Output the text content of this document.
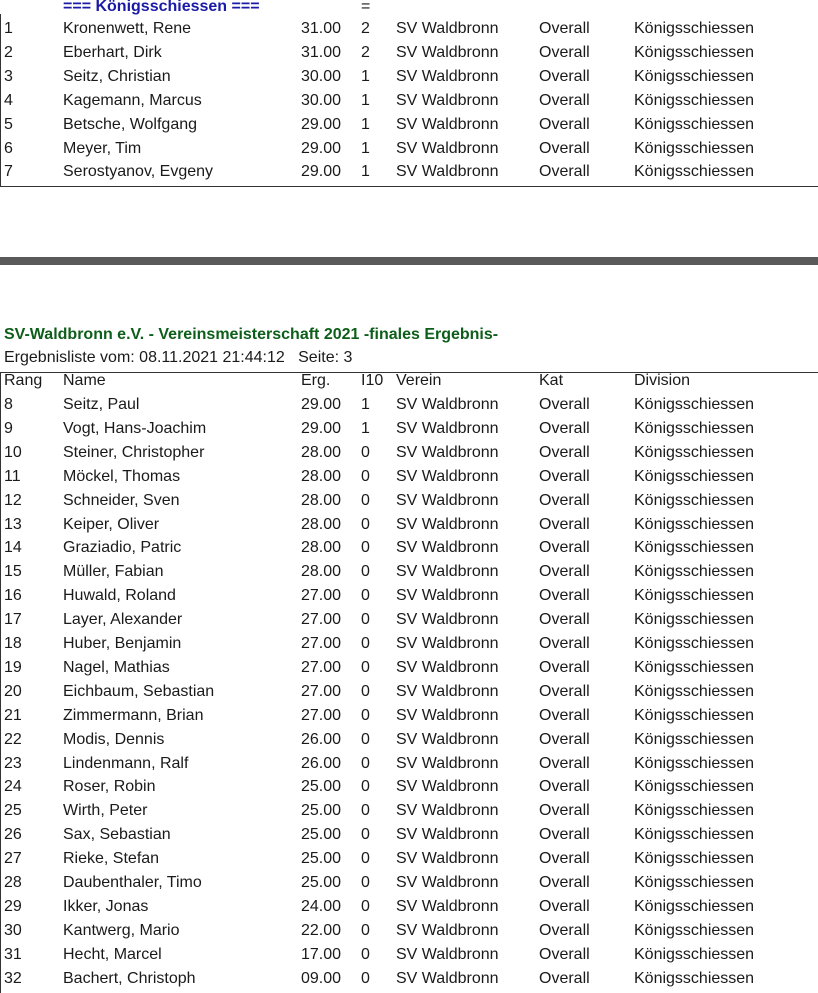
=== Königsschiessen ===	=
1	Kronenwett, Rene	31.00 2 SV Waldbronn	Overall	Königsschiessen
2	Eberhart, Dirk	31.00 2 SV Waldbronn	Overall	Königsschiessen
3	Seitz, Christian	30.00 1 SV Waldbronn	Overall	Königsschiessen
4	Kagemann, Marcus	30.00 1 SV Waldbronn	Overall	Königsschiessen
5	Betsche, Wolfgang	29.00 1 SV Waldbronn	Overall	Königsschiessen
6	Meyer, Tim	29.00 1 SV Waldbronn	Overall	Königsschiessen
7	Serostyanov, Evgeny	29.00 1 SV Waldbronn	Overall	Königsschiessen
SV-Waldbronn e.V. - Vereinsmeisterschaft 2021 -finales Ergebnis-
Ergebnisliste vom: 08.11.2021 21:44:12 Seite: 3
Rang Name	Erg. I10 Verein	Kat	Division
8	Seitz, Paul	29.00 1 SV Waldbronn	Overall	Königsschiessen
9	Vogt, Hans-Joachim	29.00 1 SV Waldbronn	Overall	Königsschiessen
10	Steiner, Christopher	28.00 0 SV Waldbronn	Overall	Königsschiessen
11	Möckel, Thomas	28.00 0 SV Waldbronn	Overall	Königsschiessen
12	Schneider, Sven	28.00 0 SV Waldbronn	Overall	Königsschiessen
13	Keiper, Oliver	28.00 0 SV Waldbronn	Overall	Königsschiessen
14	Graziadio, Patric	28.00 0 SV Waldbronn	Overall	Königsschiessen
15	Müller, Fabian	28.00 0 SV Waldbronn	Overall	Königsschiessen
16	Huwald, Roland	27.00 0 SV Waldbronn	Overall	Königsschiessen
17	Layer, Alexander	27.00 0 SV Waldbronn	Overall	Königsschiessen
18	Huber, Benjamin	27.00 0 SV Waldbronn	Overall	Königsschiessen
19	Nagel, Mathias	27.00 0 SV Waldbronn	Overall	Königsschiessen
20	Eichbaum, Sebastian	27.00 0 SV Waldbronn	Overall	Königsschiessen
21	Zimmermann, Brian	27.00 0 SV Waldbronn	Overall	Königsschiessen
22	Modis, Dennis	26.00 0 SV Waldbronn	Overall	Königsschiessen
23	Lindenmann, Ralf	26.00 0 SV Waldbronn	Overall	Königsschiessen
24	Roser, Robin	25.00 0 SV Waldbronn	Overall	Königsschiessen
25	Wirth, Peter	25.00 0 SV Waldbronn	Overall	Königsschiessen
26	Sax, Sebastian	25.00 0 SV Waldbronn	Overall	Königsschiessen
27	Rieke, Stefan	25.00 0 SV Waldbronn	Overall	Königsschiessen
28	Daubenthaler, Timo	25.00 0 SV Waldbronn	Overall	Königsschiessen
29	Ikker, Jonas	24.00 0 SV Waldbronn	Overall	Königsschiessen
30	Kantwerg, Mario	22.00 0 SV Waldbronn	Overall	Königsschiessen
31	Hecht, Marcel	17.00 0 SV Waldbronn	Overall	Königsschiessen
32	Bachert, Christoph	09.00 0 SV Waldbronn	Overall	Königsschiessen
